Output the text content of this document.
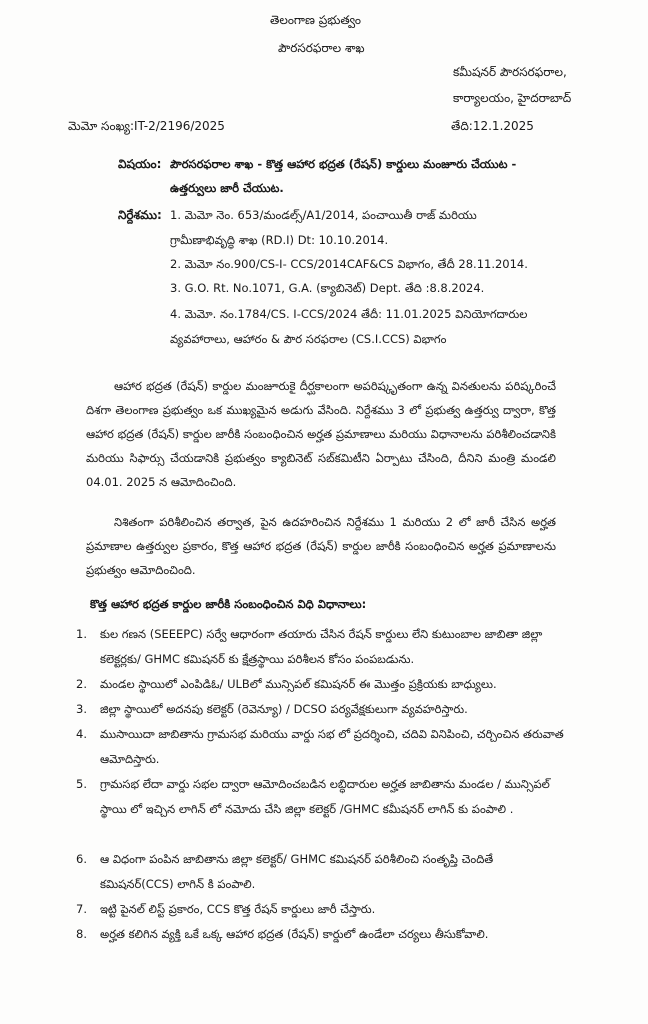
తెలంగాణ ప్రభుత్వం
పౌరసరఫరాల శాఖ
కమీషనర్ పౌరసరఫరాల,
కార్యాలయం, హైదరాబాద్
మెమో సంఖ్య:IT-2/2196/2025	తేది:12.1.2025
విషయం: పౌరసరఫరాల శాఖ - కొత్త ఆహార భద్రత (రేషన్) కార్డులు మంజూరు చేయుట -
ఉత్తర్వులు జారీ చేయుట.
నిర్దేశము: 1. మెమో నెం. 653/మండల్స్/A1/2014, పంచాయితీ రాజ్ మరియు
గ్రామీణాభివృద్ధి శాఖ (RD.I) Dt: 10.10.2014.
2. మెమో నం.900/CS-I- CCS/2014CAF&CS విభాగం, తేదీ 28.11.2014.
3. G.O. Rt. No.1071, G.A. (క్యాబినెట్) Dept. తేది :8.8.2024.
4. మెమో. నం.1784/CS. I-CCS/2024 తేదీ: 11.01.2025 వినియోగదారుల
వ్యవహారాలు, ఆహారం & పౌర సరఫరాల (CS.I.CCS) విభాగం
ఆహార భద్రత (రేషన్) కార్డుల మంజూరుకై దీర్ఘకాలంగా అపరిష్కృతంగా ఉన్న వినతులను పరిష్కరించే దిశగా తెలంగాణ ప్రభుత్వం ఒక ముఖ్యమైన అడుగు వేసింది. నిర్దేశము 3 లో ప్రభుత్వ ఉత్తర్వు ద్వారా, కొత్త ఆహార భద్రత (రేషన్) కార్డుల జారీకి సంబంధించిన అర్హత ప్రమాణాలు మరియు విధానాలను పరిశీలించడానికి మరియు సిఫార్సు చేయడానికి ప్రభుత్వం క్యాబినెట్ సబ్‌కమిటీని ఏర్పాటు చేసింది, దీనిని మంత్రి మండలి 04.01. 2025 న ఆమోదించింది.
నిశితంగా పరిశీలించిన తర్వాత, పైన ఉదహరించిన నిర్దేశము 1 మరియు 2 లో జారీ చేసిన అర్హత ప్రమాణాల ఉత్తర్వుల ప్రకారం, కొత్త ఆహార భద్రత (రేషన్) కార్డుల జారీకి సంబంధించిన అర్హత ప్రమాణాలను ప్రభుత్వం ఆమోదించింది.
కొత్త ఆహార భద్రత కార్డుల జారీకి సంబంధించిన విధి విధానాలు:
1.	కుల గణన (SEEEPC) సర్వే ఆధారంగా తయారు చేసిన రేషన్ కార్డులు లేని కుటుంబాల జాబితా జిల్లా కలెక్టర్లకు/ GHMC కమిషనర్ కు క్షేత్రస్థాయి పరిశీలన కోసం పంపబడును.
2.	మండల స్థాయిలో ఎంపిడిఓ/ ULBలో మున్సిపల్ కమిషనర్ ఈ మొత్తం ప్రక్రియకు బాధ్యులు.
3.	జిల్లా స్థాయిలో అదనపు కలెక్టర్ (రెవెన్యూ) / DCSO పర్యవేక్షకులుగా వ్యవహరిస్తారు.
4.	ముసాయిదా జాబితాను గ్రామసభ మరియు వార్డు సభ లో ప్రదర్శించి, చదివి వినిపించి, చర్చించిన తరువాత ఆమోదిస్తారు.
5.	గ్రామసభ లేదా వార్డు సభల ద్వారా ఆమోదించబడిన లబ్ధిదారుల అర్హత జాబితాను మండల / మున్సిపల్ స్థాయి లో ఇచ్చిన లాగిన్ లో నమోదు చేసి జిల్లా కలెక్టర్ /GHMC కమీషనర్ లాగిన్ కు పంపాలి .
6.	ఆ విధంగా పంపిన జాబితాను జిల్లా కలెక్టర్/ GHMC కమిషనర్ పరిశీలించి సంతృప్తి చెందితే కమిషనర్(CCS) లాగిన్ కి పంపాలి.
7.	ఇట్టి పైనల్ లిస్ట్ ప్రకారం, CCS కొత్త రేషన్ కార్డులు జారీ చేస్తారు.
8.	అర్హత కలిగిన వ్యక్తి ఒకే ఒక్క ఆహార భద్రత (రేషన్) కార్డులో ఉండేలా చర్యలు తీసుకోవాలి.
